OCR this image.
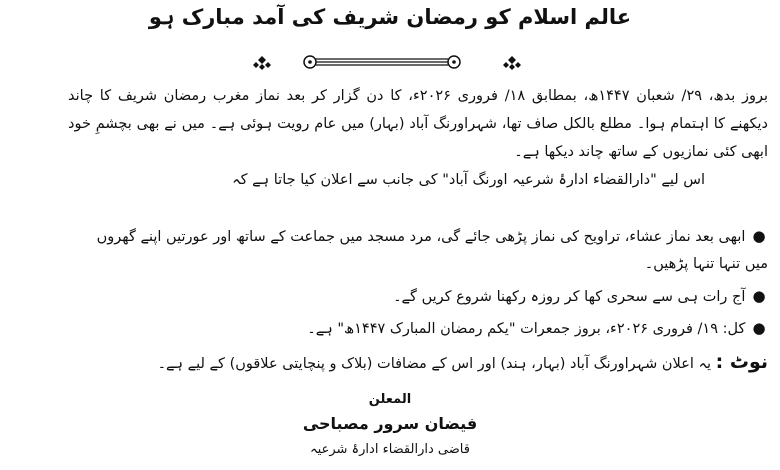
عالم اسلام کو رمضان شریف کی آمد مبارک ہو
بروز بدھ، ۲۹/ شعبان ۱۴۴۷ھ، بمطابق ۱۸/ فروری ۲۰۲۶ء، کا دن گزار کر بعد نماز مغرب رمضان شریف کا چاند دیکھنے کا اہتمام ہوا۔ مطلع بالکل صاف تھا، شہراورنگ آباد (بہار) میں عام رویت ہوئی ہے۔ میں نے بھی بچشمِ خود ابھی کئی نمازیوں کے ساتھ چاند دیکھا ہے۔
اس لیے "دارالقضاء ادارۂ شرعیہ اورنگ آباد" کی جانب سے اعلان کیا جاتا ہے کہ
● ابھی بعد نماز عشاء، تراویح کی نماز پڑھی جائے گی، مرد مسجد میں جماعت کے ساتھ اور عورتیں اپنے گھروں
میں تنہا تنہا پڑھیں۔
● آج رات ہی سے سحری کھا کر روزہ رکھنا شروع کریں گے۔
● کل: ۱۹/ فروری ۲۰۲۶ء، بروز جمعرات "یکم رمضان المبارک ۱۴۴۷ھ" ہے۔
نوٹ : یہ اعلان شہراورنگ آباد (بہار، ہند) اور اس کے مضافات (بلاک و پنچایتی علاقوں) کے لیے ہے۔
المعلن
فیضان سرور مصباحی
قاضی دارالقضاء ادارۂ شرعیہ
